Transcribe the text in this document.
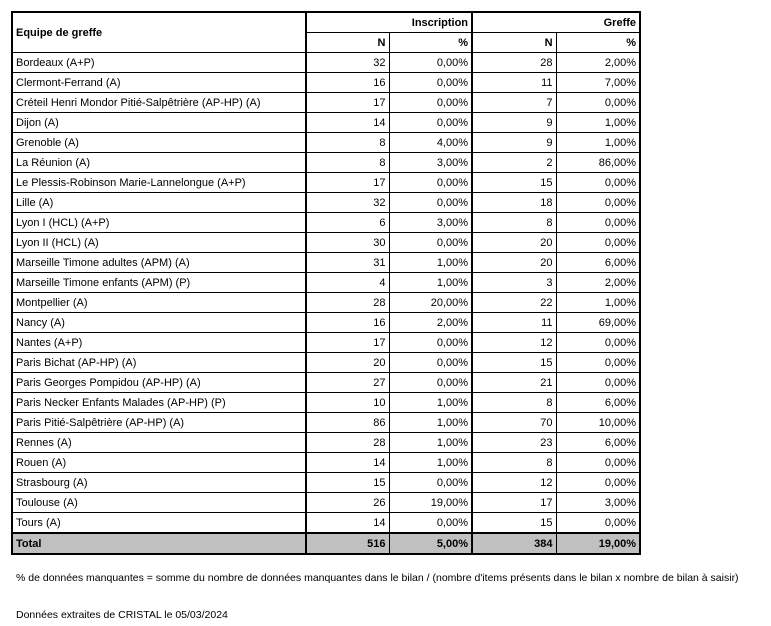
Equipe de greffe	Inscription		Greffe	
	N	%	N	%
Bordeaux (A+P)	32	0,00%	28	2,00%
Clermont-Ferrand (A)	16	0,00%	11	7,00%
Créteil Henri Mondor Pitié-Salpêtrière (AP-HP) (A)	17	0,00%	7	0,00%
Dijon (A)	14	0,00%	9	1,00%
Grenoble (A)	8	4,00%	9	1,00%
La Réunion (A)	8	3,00%	2	86,00%
Le Plessis-Robinson Marie-Lannelongue (A+P)	17	0,00%	15	0,00%
Lille (A)	32	0,00%	18	0,00%
Lyon I (HCL) (A+P)	6	3,00%	8	0,00%
Lyon II (HCL) (A)	30	0,00%	20	0,00%
Marseille Timone adultes (APM) (A)	31	1,00%	20	6,00%
Marseille Timone enfants (APM) (P)	4	1,00%	3	2,00%
Montpellier (A)	28	20,00%	22	1,00%
Nancy (A)	16	2,00%	11	69,00%
Nantes (A+P)	17	0,00%	12	0,00%
Paris Bichat (AP-HP) (A)	20	0,00%	15	0,00%
Paris Georges Pompidou (AP-HP) (A)	27	0,00%	21	0,00%
Paris Necker Enfants Malades (AP-HP) (P)	10	1,00%	8	6,00%
Paris Pitié-Salpêtrière (AP-HP) (A)	86	1,00%	70	10,00%
Rennes (A)	28	1,00%	23	6,00%
Rouen (A)	14	1,00%	8	0,00%
Strasbourg (A)	15	0,00%	12	0,00%
Toulouse (A)	26	19,00%	17	3,00%
Tours (A)	14	0,00%	15	0,00%
Total	516	5,00%	384	19,00%
% de données manquantes = somme du nombre de données manquantes dans le bilan / (nombre d'items présents dans le bilan x nombre de bilan à saisir)
Données extraites de CRISTAL le 05/03/2024
